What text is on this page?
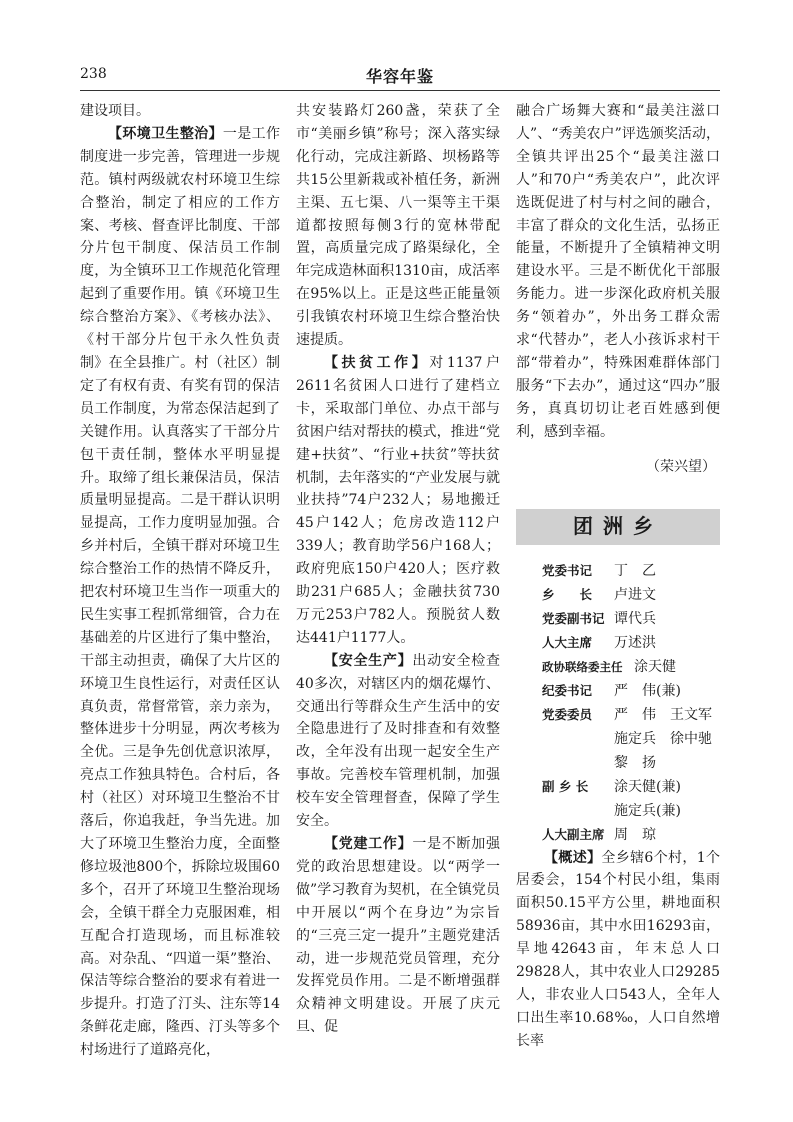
238	华容年鉴

建设项目。

【环境卫生整治】一是工作制度进一步完善，管理进一步规范。镇村两级就农村环境卫生综合整治，制定了相应的工作方案、考核、督查评比制度、干部分片包干制度、保洁员工作制度，为全镇环卫工作规范化管理起到了重要作用。镇《环境卫生综合整治方案》、《考核办法》、《村干部分片包干永久性负责制》在全县推广。村（社区）制定了有权有责、有奖有罚的保洁员工作制度，为常态保洁起到了关键作用。认真落实了干部分片包干责任制，整体水平明显提升。取缔了组长兼保洁员，保洁质量明显提高。二是干群认识明显提高，工作力度明显加强。合乡并村后，全镇干群对环境卫生综合整治工作的热情不降反升，把农村环境卫生当作一项重大的民生实事工程抓常细管，合力在基础差的片区进行了集中整治，干部主动担责，确保了大片区的环境卫生良性运行，对责任区认真负责，常督常管，亲力亲为，整体进步十分明显，两次考核为全优。三是争先创优意识浓厚，亮点工作独具特色。合村后，各村（社区）对环境卫生整治不甘落后，你追我赶，争当先进。加大了环境卫生整治力度，全面整修垃圾池800个，拆除垃圾围60多个，召开了环境卫生整治现场会，全镇干群全力克服困难，相互配合打造现场，而且标准较高。对杂乱、“四道一渠”整治、保洁等综合整治的要求有着进一步提升。打造了汀头、注东等14条鲜花走廊，隆西、汀头等多个村场进行了道路亮化，

共安装路灯260盏，荣获了全市“美丽乡镇”称号；深入落实绿化行动，完成注新路、坝杨路等共15公里新栽或补植任务，新洲主渠、五七渠、八一渠等主干渠道都按照每侧3行的宽林带配置，高质量完成了路渠绿化，全年完成造林面积1310亩，成活率在95%以上。正是这些正能量领引我镇农村环境卫生综合整治快速提质。

【扶贫工作】对1137户2611名贫困人口进行了建档立卡，采取部门单位、办点干部与贫困户结对帮扶的模式，推进“党建+扶贫”、“行业+扶贫”等扶贫机制，去年落实的“产业发展与就业扶持”74户232人；易地搬迁45户142人；危房改造112户339人；教育助学56户168人；政府兜底150户420人；医疗救助231户685人；金融扶贫730万元253户782人。预脱贫人数达441户1177人。

【安全生产】出动安全检查40多次，对辖区内的烟花爆竹、交通出行等群众生产生活中的安全隐患进行了及时排查和有效整改，全年没有出现一起安全生产事故。完善校车管理机制，加强校车安全管理督查，保障了学生安全。

【党建工作】一是不断加强党的政治思想建设。以“两学一做”学习教育为契机，在全镇党员中开展以“两个在身边”为宗旨的“三亮三定一提升”主题党建活动，进一步规范党员管理，充分发挥党员作用。二是不断增强群众精神文明建设。开展了庆元旦、促

融合广场舞大赛和“最美注滋口人”、“秀美农户”评选颁奖活动，全镇共评出25个“最美注滋口人”和70户“秀美农户”，此次评选既促进了村与村之间的融合，丰富了群众的文化生活，弘扬正能量，不断提升了全镇精神文明建设水平。三是不断优化干部服务能力。进一步深化政府机关服务“领着办”，外出务工群众需求“代替办”，老人小孩诉求村干部“带着办”，特殊困难群体部门服务“下去办”，通过这“四办”服务，真真切切让老百姓感到便利，感到幸福。

（荣兴望）
团洲乡
党委书记	丁　乙
乡　　长	卢进文
党委副书记 谭代兵
人大主席	万述洪
政协联络委主任 涂天健
纪委书记	严　伟(兼)
党委委员	严　伟　王文军
施定兵　徐中驰
黎　扬
副 乡 长	涂天健(兼)
施定兵(兼)
人大副主席 周　琼

【概述】全乡辖6个村，1个居委会，154个村民小组，集雨面积50.15平方公里，耕地面积58936亩，其中水田16293亩，旱地42643亩，年末总人口29828人，其中农业人口29285人，非农业人口543人，全年人口出生率10.68‰，人口自然增长率
